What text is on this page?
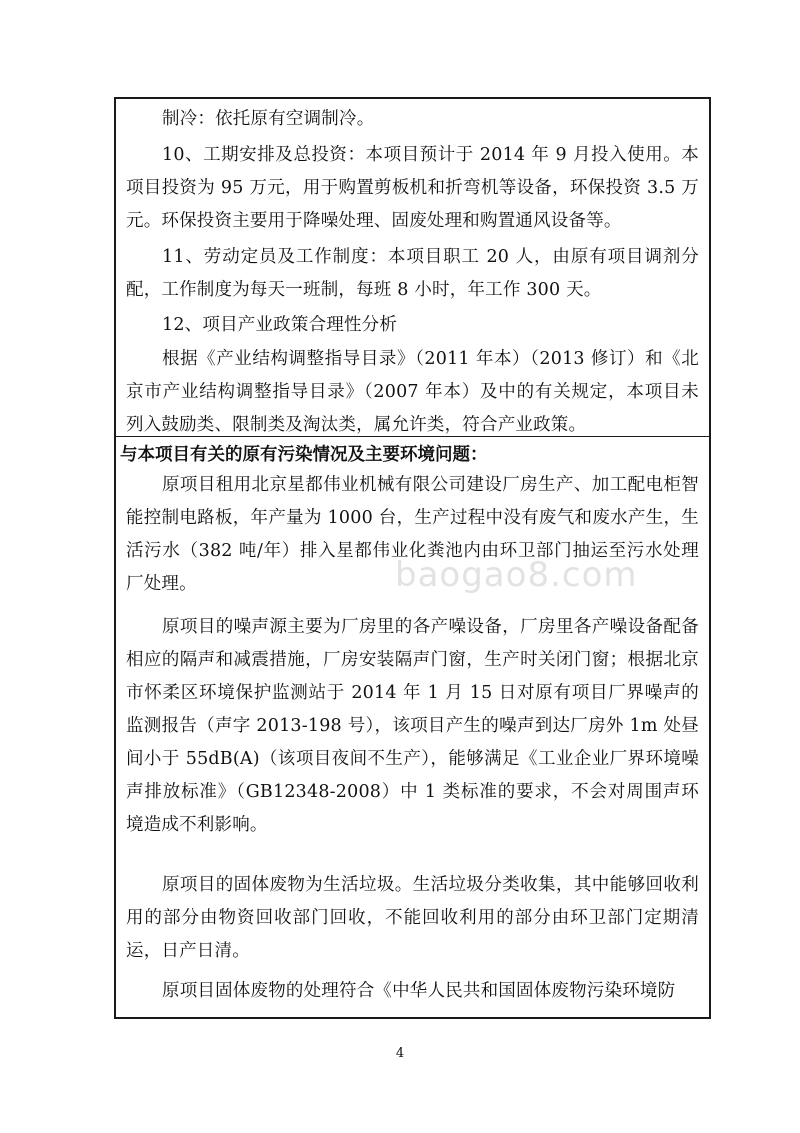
制冷：依托原有空调制冷。

10、工期安排及总投资：本项目预计于 2014 年 9 月投入使用。本项目投资为 95 万元，用于购置剪板机和折弯机等设备，环保投资 3.5 万元。环保投资主要用于降噪处理、固废处理和购置通风设备等。

11、劳动定员及工作制度：本项目职工 20 人，由原有项目调剂分配，工作制度为每天一班制，每班 8 小时，年工作 300 天。

12、项目产业政策合理性分析

根据《产业结构调整指导目录》（2011 年本）（2013 修订）和《北京市产业结构调整指导目录》（2007 年本）及中的有关规定，本项目未列入鼓励类、限制类及淘汰类，属允许类，符合产业政策。

与本项目有关的原有污染情况及主要环境问题：

原项目租用北京星都伟业机械有限公司建设厂房生产、加工配电柜智能控制电路板，年产量为 1000 台，生产过程中没有废气和废水产生，生活污水（382 吨/年）排入星都伟业化粪池内由环卫部门抽运至污水处理厂处理。

原项目的噪声源主要为厂房里的各产噪设备，厂房里各产噪设备配备相应的隔声和减震措施，厂房安装隔声门窗，生产时关闭门窗；根据北京市怀柔区环境保护监测站于 2014 年 1 月 15 日对原有项目厂界噪声的监测报告（声字 2013-198 号），该项目产生的噪声到达厂房外 1m 处昼间小于 55dB(A)（该项目夜间不生产），能够满足《工业企业厂界环境噪声排放标准》（GB12348-2008）中 1 类标准的要求，不会对周围声环境造成不利影响。

原项目的固体废物为生活垃圾。生活垃圾分类收集，其中能够回收利用的部分由物资回收部门回收，不能回收利用的部分由环卫部门定期清运，日产日清。

原项目固体废物的处理符合《中华人民共和国固体废物污染环境防

baogao8.com
4
